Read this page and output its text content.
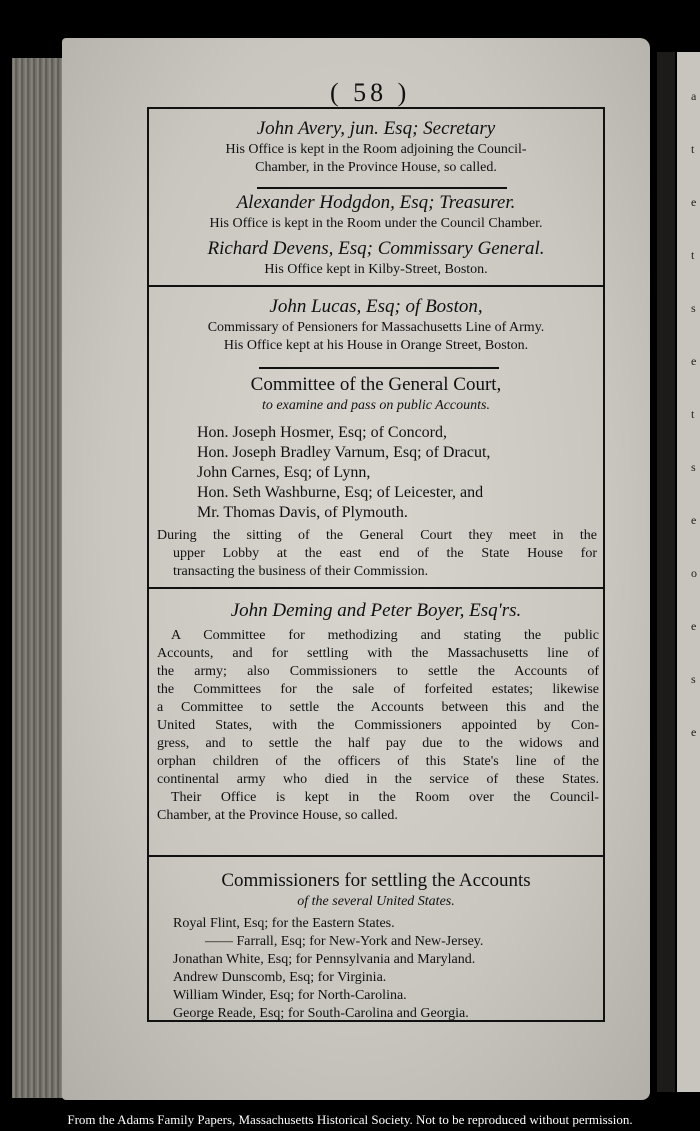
a
t
e
t
s
e
t
s
e
o
e
s
e
( 58 )
John Avery, jun. Esq; Secretary
His Office is kept in the Room adjoining the Council-
Chamber, in the Province House, so called.
Alexander Hodgdon, Esq; Treasurer.
His Office is kept in the Room under the Council Chamber.
Richard Devens, Esq; Commissary General.
His Office kept in Kilby-Street, Boston.
John Lucas, Esq; of Boston,
Commissary of Pensioners for Massachusetts Line of Army.
His Office kept at his House in Orange Street, Boston.
Committee of the General Court,
to examine and pass on public Accounts.
Hon. Joseph Hosmer, Esq; of Concord,
Hon. Joseph Bradley Varnum, Esq; of Dracut,
John Carnes, Esq; of Lynn,
Hon. Seth Washburne, Esq; of Leicester, and
Mr. Thomas Davis, of Plymouth.
During the sitting of the General Court they meet in the
upper Lobby at the east end of the State House for
transacting the business of their Commission.
John Deming and Peter Boyer, Esq'rs.
A Committee for methodizing and stating the public
Accounts, and for settling with the Massachusetts line of
the army; also Commissioners to settle the Accounts of
the Committees for the sale of forfeited estates; likewise
a Committee to settle the Accounts between this and the
United States, with the Commissioners appointed by Con-
gress, and to settle the half pay due to the widows and
orphan children of the officers of this State's line of the
continental army who died in the service of these States.
Their Office is kept in the Room over the Council-
Chamber, at the Province House, so called.
Commissioners for settling the Accounts
of the several United States.
Royal Flint, Esq; for the Eastern States.
—— Farrall, Esq; for New-York and New-Jersey.
Jonathan White, Esq; for Pennsylvania and Maryland.
Andrew Dunscomb, Esq; for Virginia.
William Winder, Esq; for North-Carolina.
George Reade, Esq; for South-Carolina and Georgia.
From the Adams Family Papers, Massachusetts Historical Society. Not to be reproduced without permission.
